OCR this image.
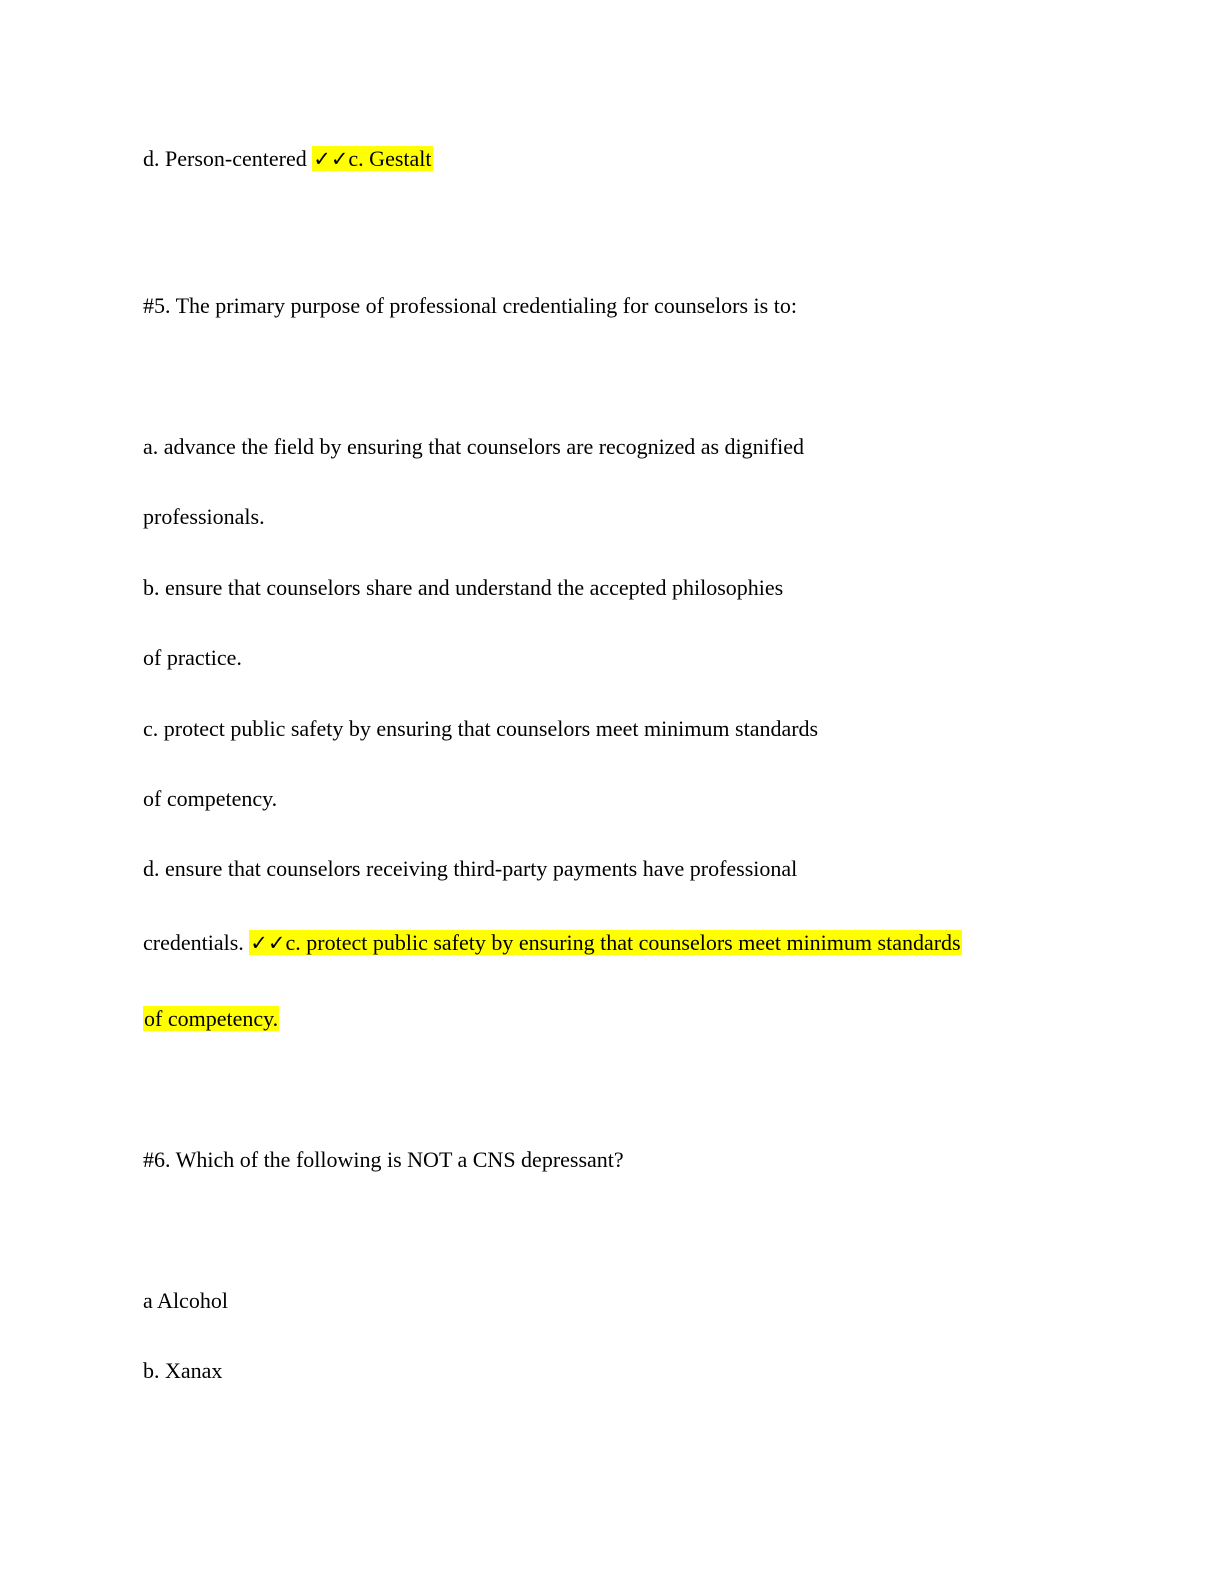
d. Person-centered ✓✓c. Gestalt
#5. The primary purpose of professional credentialing for counselors is to:
a. advance the field by ensuring that counselors are recognized as dignified
professionals.
b. ensure that counselors share and understand the accepted philosophies
of practice.
c. protect public safety by ensuring that counselors meet minimum standards
of competency.
d. ensure that counselors receiving third-party payments have professional
credentials. ✓✓c. protect public safety by ensuring that counselors meet minimum standards
of competency.
#6. Which of the following is NOT a CNS depressant?
a Alcohol
b. Xanax
